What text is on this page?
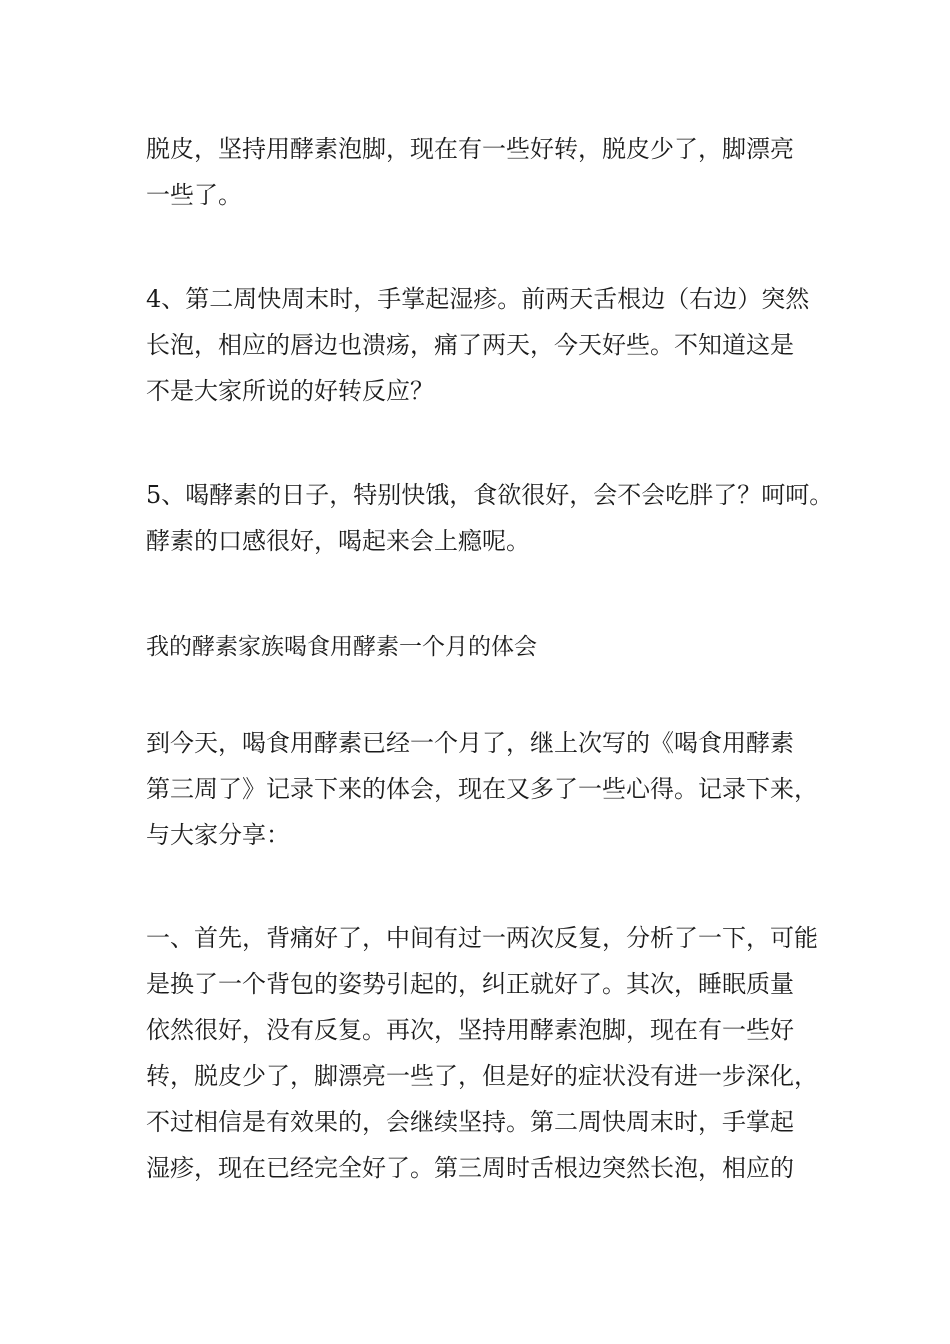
脱皮，坚持用酵素泡脚，现在有一些好转，脱皮少了，脚漂亮
一些了。
4、第二周快周末时，手掌起湿疹。前两天舌根边（右边）突然
长泡，相应的唇边也溃疡，痛了两天，今天好些。不知道这是
不是大家所说的好转反应？
5、喝酵素的日子，特别快饿，食欲很好，会不会吃胖了？呵呵。
酵素的口感很好，喝起来会上瘾呢。
我的酵素家族喝食用酵素一个月的体会
到今天，喝食用酵素已经一个月了，继上次写的《喝食用酵素
第三周了》记录下来的体会，现在又多了一些心得。记录下来，
与大家分享：
一、首先，背痛好了，中间有过一两次反复，分析了一下，可能
是换了一个背包的姿势引起的，纠正就好了。其次，睡眠质量
依然很好，没有反复。再次，坚持用酵素泡脚，现在有一些好
转，脱皮少了，脚漂亮一些了，但是好的症状没有进一步深化，
不过相信是有效果的，会继续坚持。第二周快周末时，手掌起
湿疹，现在已经完全好了。第三周时舌根边突然长泡，相应的
